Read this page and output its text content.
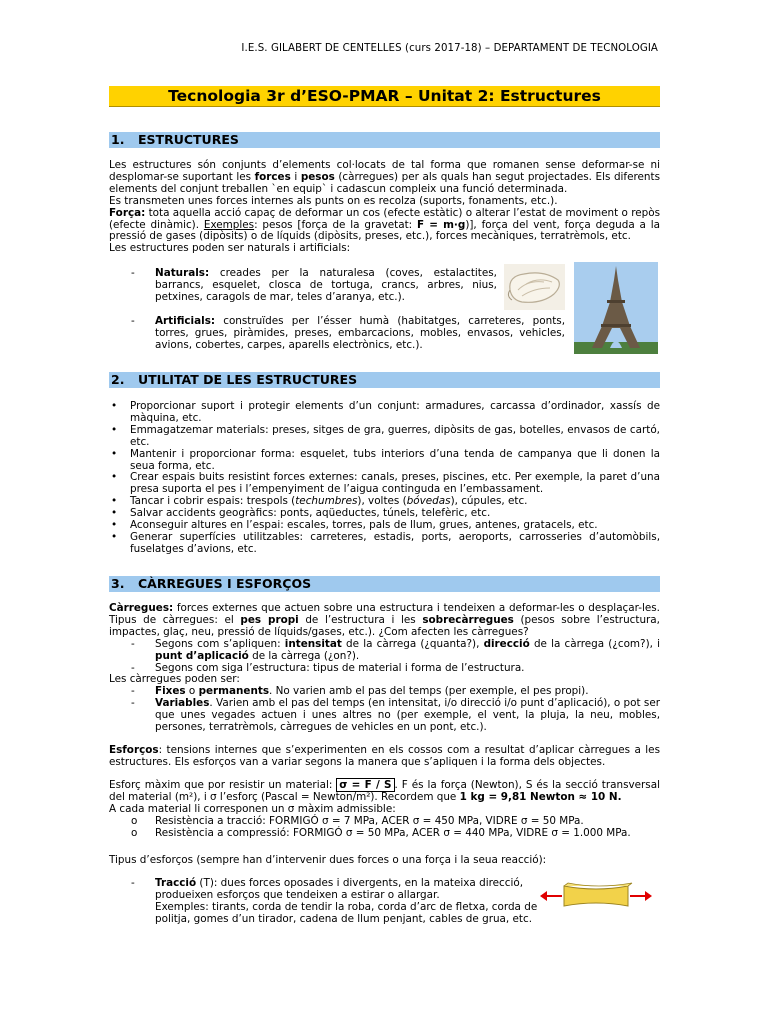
I.E.S. GILABERT DE CENTELLES (curs 2017-18) – DEPARTAMENT DE TECNOLOGIA
Tecnologia 3r d’ESO-PMAR – Unitat 2: Estructures
1. ESTRUCTURES

Les estructures són conjunts d’elements col·locats de tal forma que romanen sense deformar-se ni desplomar-se suportant les forces i pesos (càrregues) per als quals han segut projectades. Els diferents elements del conjunt treballen `en equip` i cadascun compleix una funció determinada.

Es transmeten unes forces internes als punts on es recolza (suports, fonaments, etc.).

Força: tota aquella acció capaç de deformar un cos (efecte estàtic) o alterar l’estat de moviment o repòs (efecte dinàmic). Exemples: pesos [força de la gravetat: F = m·g)], força del vent, força deguda a la pressió de gases (dipòsits) o de líquids (dipòsits, preses, etc.), forces mecàniques, terratrèmols, etc.

Les estructures poden ser naturals i artificials:

- Naturals: creades per la naturalesa (coves, estalactites, barrancs, esquelet, closca de tortuga, crancs, arbres, nius, petxines, caragols de mar, teles d’aranya, etc.).
- Artificials: construïdes per l’ésser humà (habitatges, carreteres, ponts, torres, grues, piràmides, preses, embarcacions, mobles, envasos, vehicles, avions, cobertes, carpes, aparells electrònics, etc.).
2. UTILITAT DE LES ESTRUCTURES
• Proporcionar suport i protegir elements d’un conjunt: armadures, carcassa d’ordinador, xassís de màquina, etc.
• Emmagatzemar materials: preses, sitges de gra, guerres, dipòsits de gas, botelles, envasos de cartó, etc.
• Mantenir i proporcionar forma: esquelet, tubs interiors d’una tenda de campanya que li donen la seua forma, etc.
• Crear espais buits resistint forces externes: canals, preses, piscines, etc. Per exemple, la paret d’una presa suporta el pes i l’empenyiment de l’aigua continguda en l’embassament.
• Tancar i cobrir espais: trespols (techumbres), voltes (bóvedas), cúpules, etc.
• Salvar accidents geogràfics: ponts, aqüeductes, túnels, telefèric, etc.
• Aconseguir altures en l’espai: escales, torres, pals de llum, grues, antenes, gratacels, etc.
• Generar superfícies utilitzables: carreteres, estadis, ports, aeroports, carrosseries d’automòbils, fuselatges d’avions, etc.
3. CÀRREGUES I ESFORÇOS

Càrregues: forces externes que actuen sobre una estructura i tendeixen a deformar-les o desplaçar-les. Tipus de càrregues: el pes propi de l’estructura i les sobrecàrregues (pesos sobre l’estructura, impactes, glaç, neu, pressió de líquids/gases, etc.). ¿Com afecten les càrregues?

- Segons com s’apliquen: intensitat de la càrrega (¿quanta?), direcció de la càrrega (¿com?), i punt d’aplicació de la càrrega (¿on?).
- Segons com siga l’estructura: tipus de material i forma de l’estructura.

Les càrregues poden ser:

- Fixes o permanents. No varien amb el pas del temps (per exemple, el pes propi).
- Variables. Varien amb el pas del temps (en intensitat, i/o direcció i/o punt d’aplicació), o pot ser que unes vegades actuen i unes altres no (per exemple, el vent, la pluja, la neu, mobles, persones, terratrèmols, càrregues de vehicles en un pont, etc.).

Esforços: tensions internes que s’experimenten en els cossos com a resultat d’aplicar càrregues a les estructures. Els esforços van a variar segons la manera que s’apliquen i la forma dels objectes.

Esforç màxim que por resistir un material: σ = F / S . F és la força (Newton), S és la secció transversal del material (m²), i σ l’esforç (Pascal = Newton/m²). Recordem que 1 kg = 9,81 Newton ≈ 10 N.

A cada material li corresponen un σ màxim admissible:

o Resistència a tracció: FORMIGÓ σ = 7 MPa, ACER σ = 450 MPa, VIDRE σ = 50 MPa.
o Resistència a compressió: FORMIGÓ σ = 50 MPa, ACER σ = 440 MPa, VIDRE σ = 1.000 MPa.

Tipus d’esforços (sempre han d’intervenir dues forces o una força i la seua reacció):

- Tracció (T): dues forces oposades i divergents, en la mateixa direcció, produeixen esforços que tendeixen a estirar o allargar.

Exemples: tirants, corda de tendir la roba, corda d’arc de fletxa, corda de politja, gomes d’un tirador, cadena de llum penjant, cables de grua, etc.
